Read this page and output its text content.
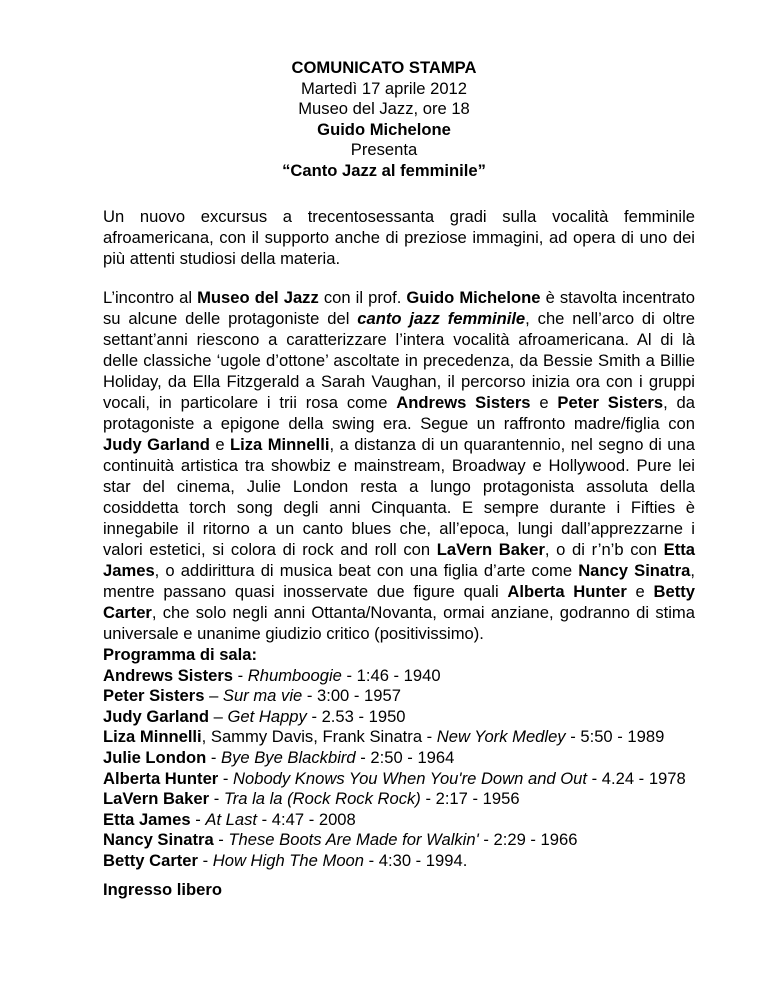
COMUNICATO STAMPA
Martedì 17 aprile 2012
Museo del Jazz, ore 18
Guido Michelone
Presenta
“Canto Jazz al femminile”

Un nuovo excursus a trecentosessanta gradi sulla vocalità femminile afroamericana, con il supporto anche di preziose immagini, ad opera di uno dei più attenti studiosi della materia.

L’incontro al Museo del Jazz con il prof. Guido Michelone è stavolta incentrato su alcune delle protagoniste del canto jazz femminile, che nell’arco di oltre settant’anni riescono a caratterizzare l’intera vocalità afroamericana. Al di là delle classiche ‘ugole d’ottone’ ascoltate in precedenza, da Bessie Smith a Billie Holiday, da Ella Fitzgerald a Sarah Vaughan, il percorso inizia ora con i gruppi vocali, in particolare i trii rosa come Andrews Sisters e Peter Sisters, da protagoniste a epigone della swing era. Segue un raffronto madre/figlia con Judy Garland e Liza Minnelli, a distanza di un quarantennio, nel segno di una continuità artistica tra showbiz e mainstream, Broadway e Hollywood. Pure lei star del cinema, Julie London resta a lungo protagonista assoluta della cosiddetta torch song degli anni Cinquanta. E sempre durante i Fifties è innegabile il ritorno a un canto blues che, all’epoca, lungi dall’apprezzarne i valori estetici, si colora di rock and roll con LaVern Baker, o di r’n’b con Etta James, o addirittura di musica beat con una figlia d’arte come Nancy Sinatra, mentre passano quasi inosservate due figure quali Alberta Hunter e Betty Carter, che solo negli anni Ottanta/Novanta, ormai anziane, godranno di stima universale e unanime giudizio critico (positivissimo).

Programma di sala:
Andrews Sisters - Rhumboogie - 1:46 - 1940
Peter Sisters – Sur ma vie - 3:00 - 1957
Judy Garland – Get Happy - 2.53 - 1950
Liza Minnelli, Sammy Davis, Frank Sinatra - New York Medley - 5:50 - 1989
Julie London - Bye Bye Blackbird - 2:50 - 1964
Alberta Hunter - Nobody Knows You When You're Down and Out - 4.24 - 1978
LaVern Baker - Tra la la (Rock Rock Rock) - 2:17 - 1956
Etta James - At Last - 4:47 - 2008
Nancy Sinatra - These Boots Are Made for Walkin' - 2:29 - 1966
Betty Carter - How High The Moon - 4:30 - 1994.
Ingresso libero
